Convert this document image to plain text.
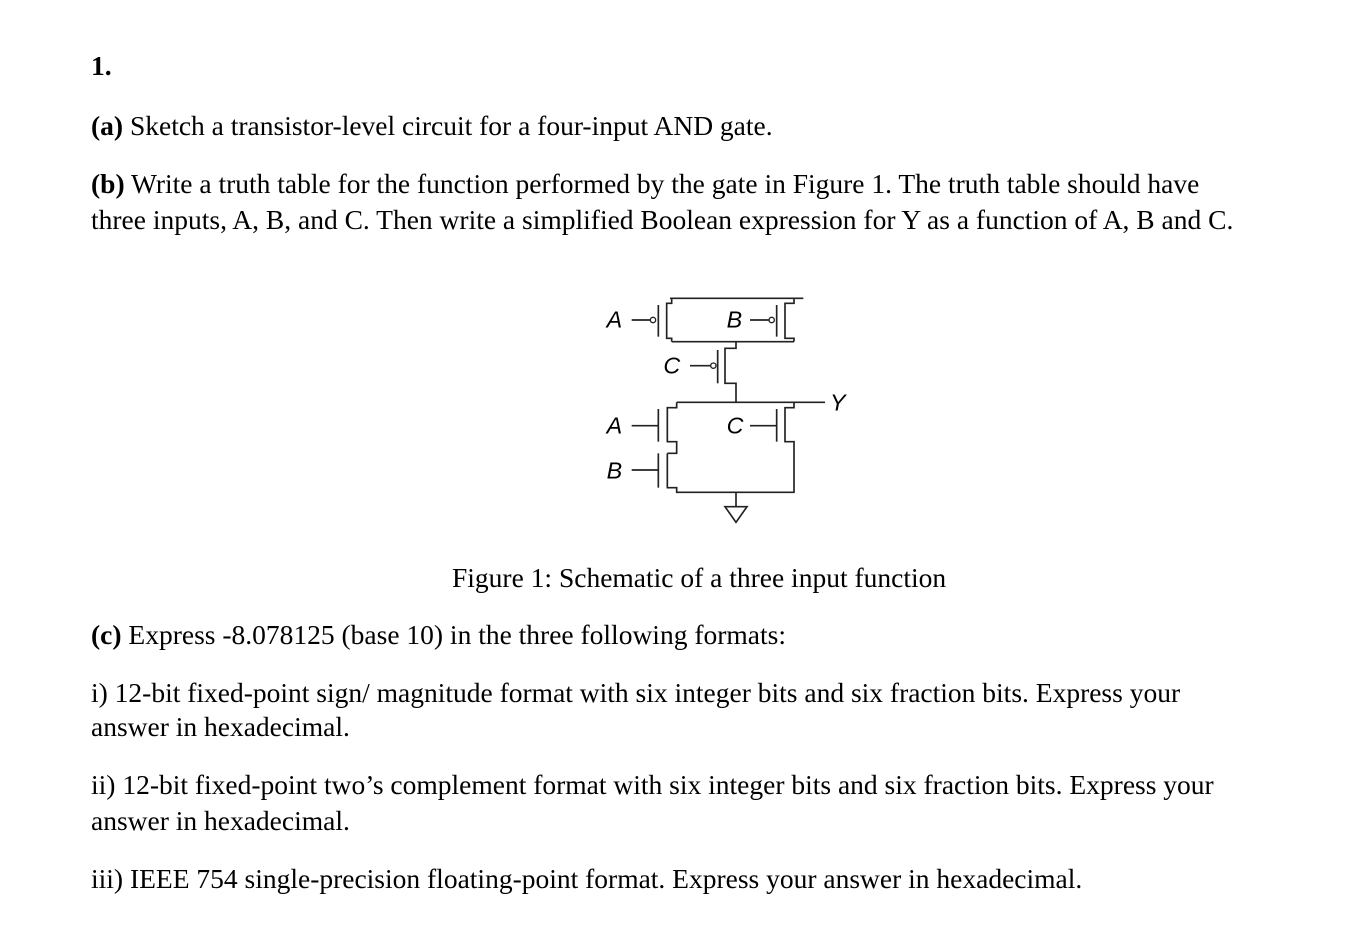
1.
(a) Sketch a transistor-level circuit for a four-input AND gate.
(b) Write a truth table for the function performed by the gate in Figure 1. The truth table should have
three inputs, A, B, and C. Then write a simplified Boolean expression for Y as a function of A, B and C.
A B
C
Y
A C
B
Figure 1: Schematic of a three input function
(c) Express -8.078125 (base 10) in the three following formats:
i) 12-bit fixed-point sign/ magnitude format with six integer bits and six fraction bits. Express your
answer in hexadecimal.
ii) 12-bit fixed-point two’s complement format with six integer bits and six fraction bits. Express your
answer in hexadecimal.
iii) IEEE 754 single-precision floating-point format. Express your answer in hexadecimal.
